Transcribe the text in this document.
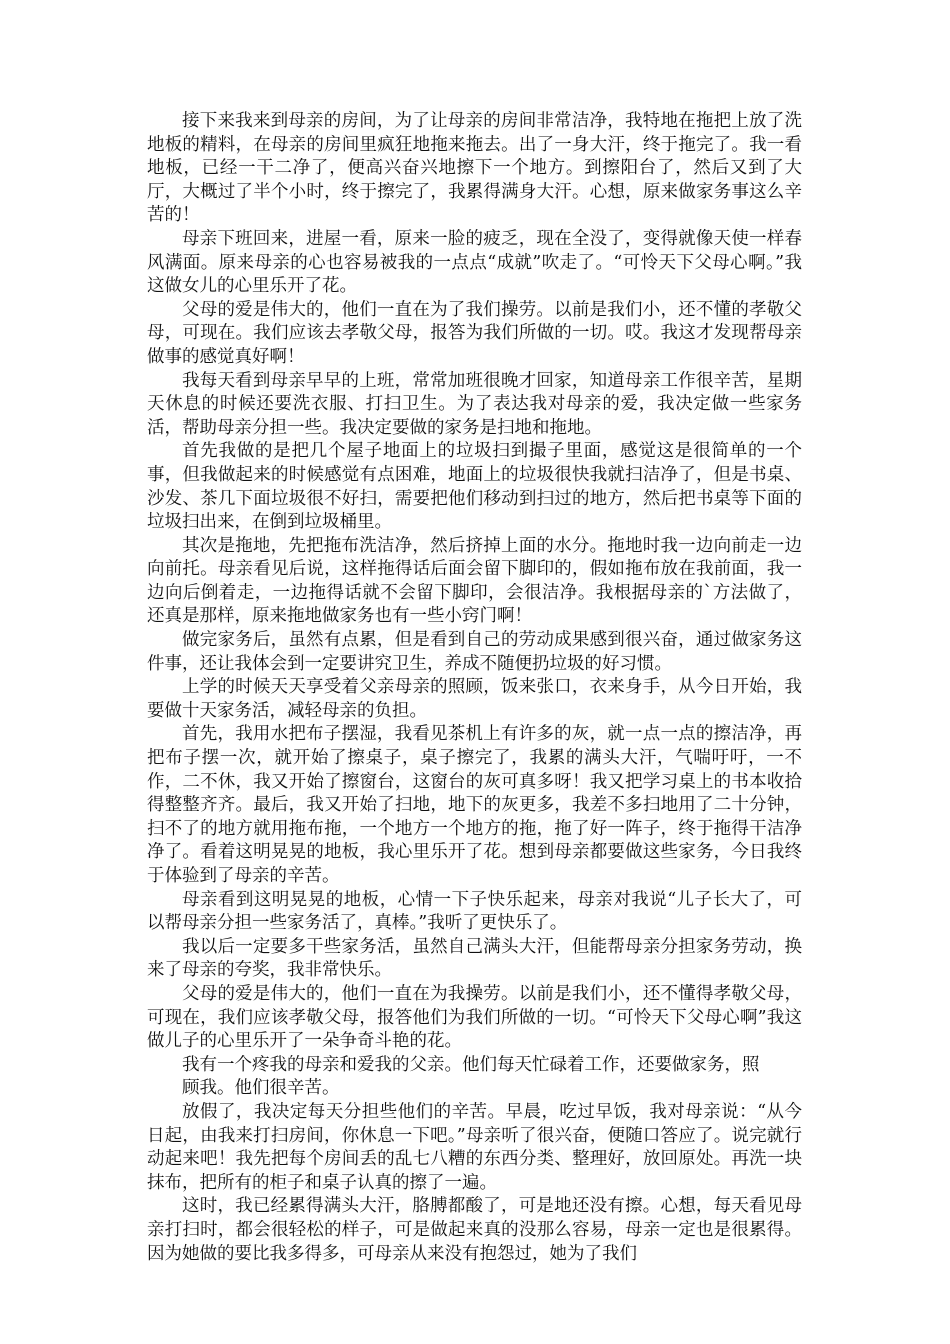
接下来我来到母亲的房间，为了让母亲的房间非常洁净，我特地在拖把上放了洗地板的精料，在母亲的房间里疯狂地拖来拖去。出了一身大汗，终于拖完了。我一看地板，已经一干二净了，便高兴奋兴地擦下一个地方。到擦阳台了，然后又到了大厅，大概过了半个小时，终于擦完了，我累得满身大汗。心想，原来做家务事这么辛苦的！

母亲下班回来，进屋一看，原来一脸的疲乏，现在全没了，变得就像天使一样春风满面。原来母亲的心也容易被我的一点点“成就”吹走了。“可怜天下父母心啊。”我这做女儿的心里乐开了花。

父母的爱是伟大的，他们一直在为了我们操劳。以前是我们小，还不懂的孝敬父母，可现在。我们应该去孝敬父母，报答为我们所做的一切。哎。我这才发现帮母亲做事的感觉真好啊！

我每天看到母亲早早的上班，常常加班很晚才回家，知道母亲工作很辛苦，星期天休息的时候还要洗衣服、打扫卫生。为了表达我对母亲的爱，我决定做一些家务活，帮助母亲分担一些。我决定要做的家务是扫地和拖地。

首先我做的是把几个屋子地面上的垃圾扫到撮子里面，感觉这是很简单的一个事，但我做起来的时候感觉有点困难，地面上的垃圾很快我就扫洁净了，但是书桌、沙发、茶几下面垃圾很不好扫，需要把他们移动到扫过的地方，然后把书桌等下面的垃圾扫出来，在倒到垃圾桶里。

其次是拖地，先把拖布洗洁净，然后挤掉上面的水分。拖地时我一边向前走一边向前托。母亲看见后说，这样拖得话后面会留下脚印的，假如拖布放在我前面，我一边向后倒着走，一边拖得话就不会留下脚印，会很洁净。我根据母亲的`方法做了，还真是那样，原来拖地做家务也有一些小窍门啊！

做完家务后，虽然有点累，但是看到自己的劳动成果感到很兴奋，通过做家务这件事，还让我体会到一定要讲究卫生，养成不随便扔垃圾的好习惯。

上学的时候天天享受着父亲母亲的照顾，饭来张口，衣来身手，从今日开始，我要做十天家务活，减轻母亲的负担。

首先，我用水把布子摆湿，我看见茶机上有许多的灰，就一点一点的擦洁净，再把布子摆一次，就开始了擦桌子，桌子擦完了，我累的满头大汗，气喘吁吁，一不作，二不休，我又开始了擦窗台，这窗台的灰可真多呀！我又把学习桌上的书本收拾得整整齐齐。最后，我又开始了扫地，地下的灰更多，我差不多扫地用了二十分钟，扫不了的地方就用拖布拖，一个地方一个地方的拖，拖了好一阵子，终于拖得干洁净净了。看着这明晃晃的地板，我心里乐开了花。想到母亲都要做这些家务，今日我终于体验到了母亲的辛苦。

母亲看到这明晃晃的地板，心情一下子快乐起来，母亲对我说“儿子长大了，可以帮母亲分担一些家务活了，真棒。”我听了更快乐了。

我以后一定要多干些家务活，虽然自己满头大汗，但能帮母亲分担家务劳动，换来了母亲的夸奖，我非常快乐。

父母的爱是伟大的，他们一直在为我操劳。以前是我们小，还不懂得孝敬父母，可现在，我们应该孝敬父母，报答他们为我们所做的一切。“可怜天下父母心啊”我这做儿子的心里乐开了一朵争奇斗艳的花。

我有一个疼我的母亲和爱我的父亲。他们每天忙碌着工作，还要做家务，照

顾我。他们很辛苦。

放假了，我决定每天分担些他们的辛苦。早晨，吃过早饭，我对母亲说：“从今日起，由我来打扫房间，你休息一下吧。”母亲听了很兴奋，便随口答应了。说完就行动起来吧！我先把每个房间丢的乱七八糟的东西分类、整理好，放回原处。再洗一块抹布，把所有的柜子和桌子认真的擦了一遍。

这时，我已经累得满头大汗，胳膊都酸了，可是地还没有擦。心想，每天看见母亲打扫时，都会很轻松的样子，可是做起来真的没那么容易，母亲一定也是很累得。因为她做的要比我多得多，可母亲从来没有抱怨过，她为了我们
